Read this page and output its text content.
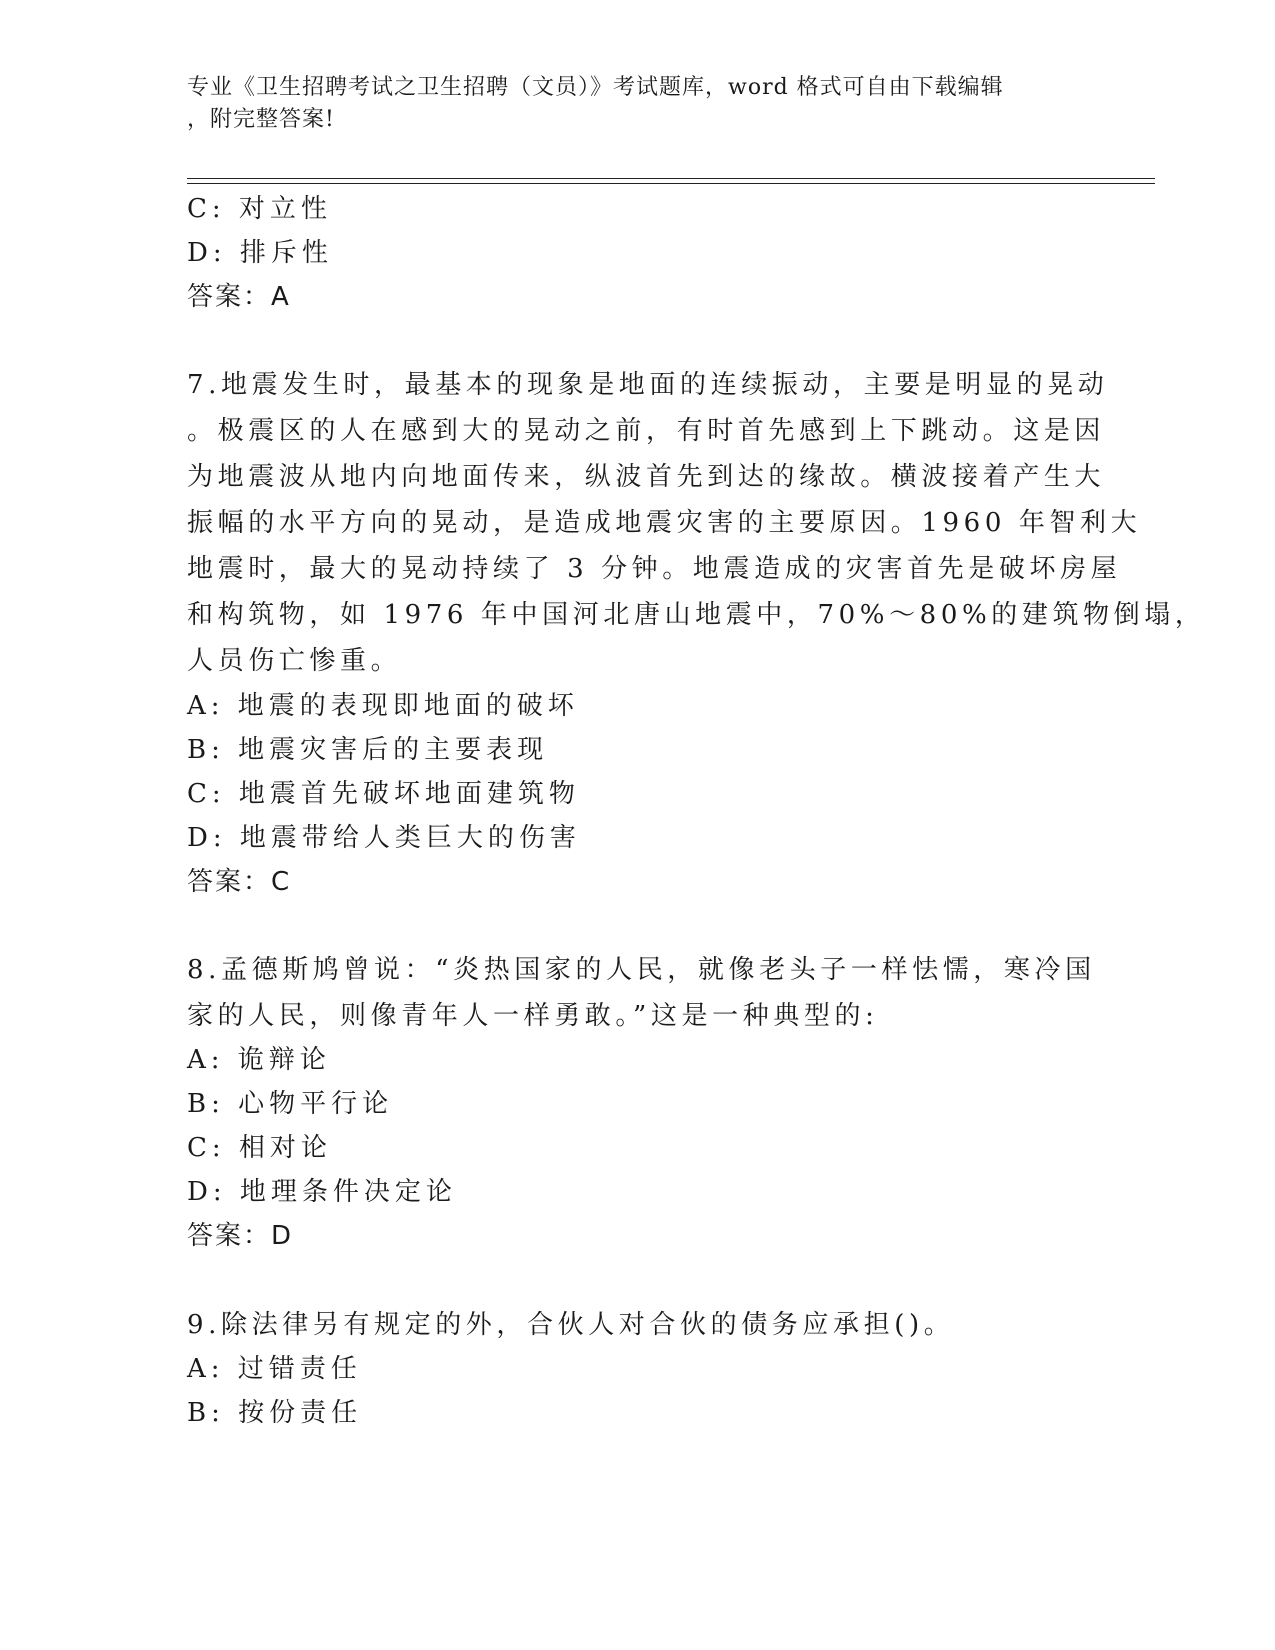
专业《卫生招聘考试之卫生招聘（文员）》考试题库，word 格式可自由下载编辑
，附完整答案!
C: 对立性
D: 排斥性
答案：A
7.地震发生时，最基本的现象是地面的连续振动，主要是明显的晃动
。极震区的人在感到大的晃动之前，有时首先感到上下跳动。这是因
为地震波从地内向地面传来，纵波首先到达的缘故。横波接着产生大
振幅的水平方向的晃动，是造成地震灾害的主要原因。1960 年智利大
地震时，最大的晃动持续了 3 分钟。地震造成的灾害首先是破坏房屋
和构筑物，如 1976 年中国河北唐山地震中，70%～80%的建筑物倒塌，
人员伤亡惨重。
A: 地震的表现即地面的破坏
B: 地震灾害后的主要表现
C: 地震首先破坏地面建筑物
D: 地震带给人类巨大的伤害
答案：C
8.孟德斯鸠曾说：“炎热国家的人民，就像老头子一样怯懦，寒冷国
家的人民，则像青年人一样勇敢。”这是一种典型的:
A: 诡辩论
B: 心物平行论
C: 相对论
D: 地理条件决定论
答案：D
9.除法律另有规定的外，合伙人对合伙的债务应承担()。
A: 过错责任
B: 按份责任
